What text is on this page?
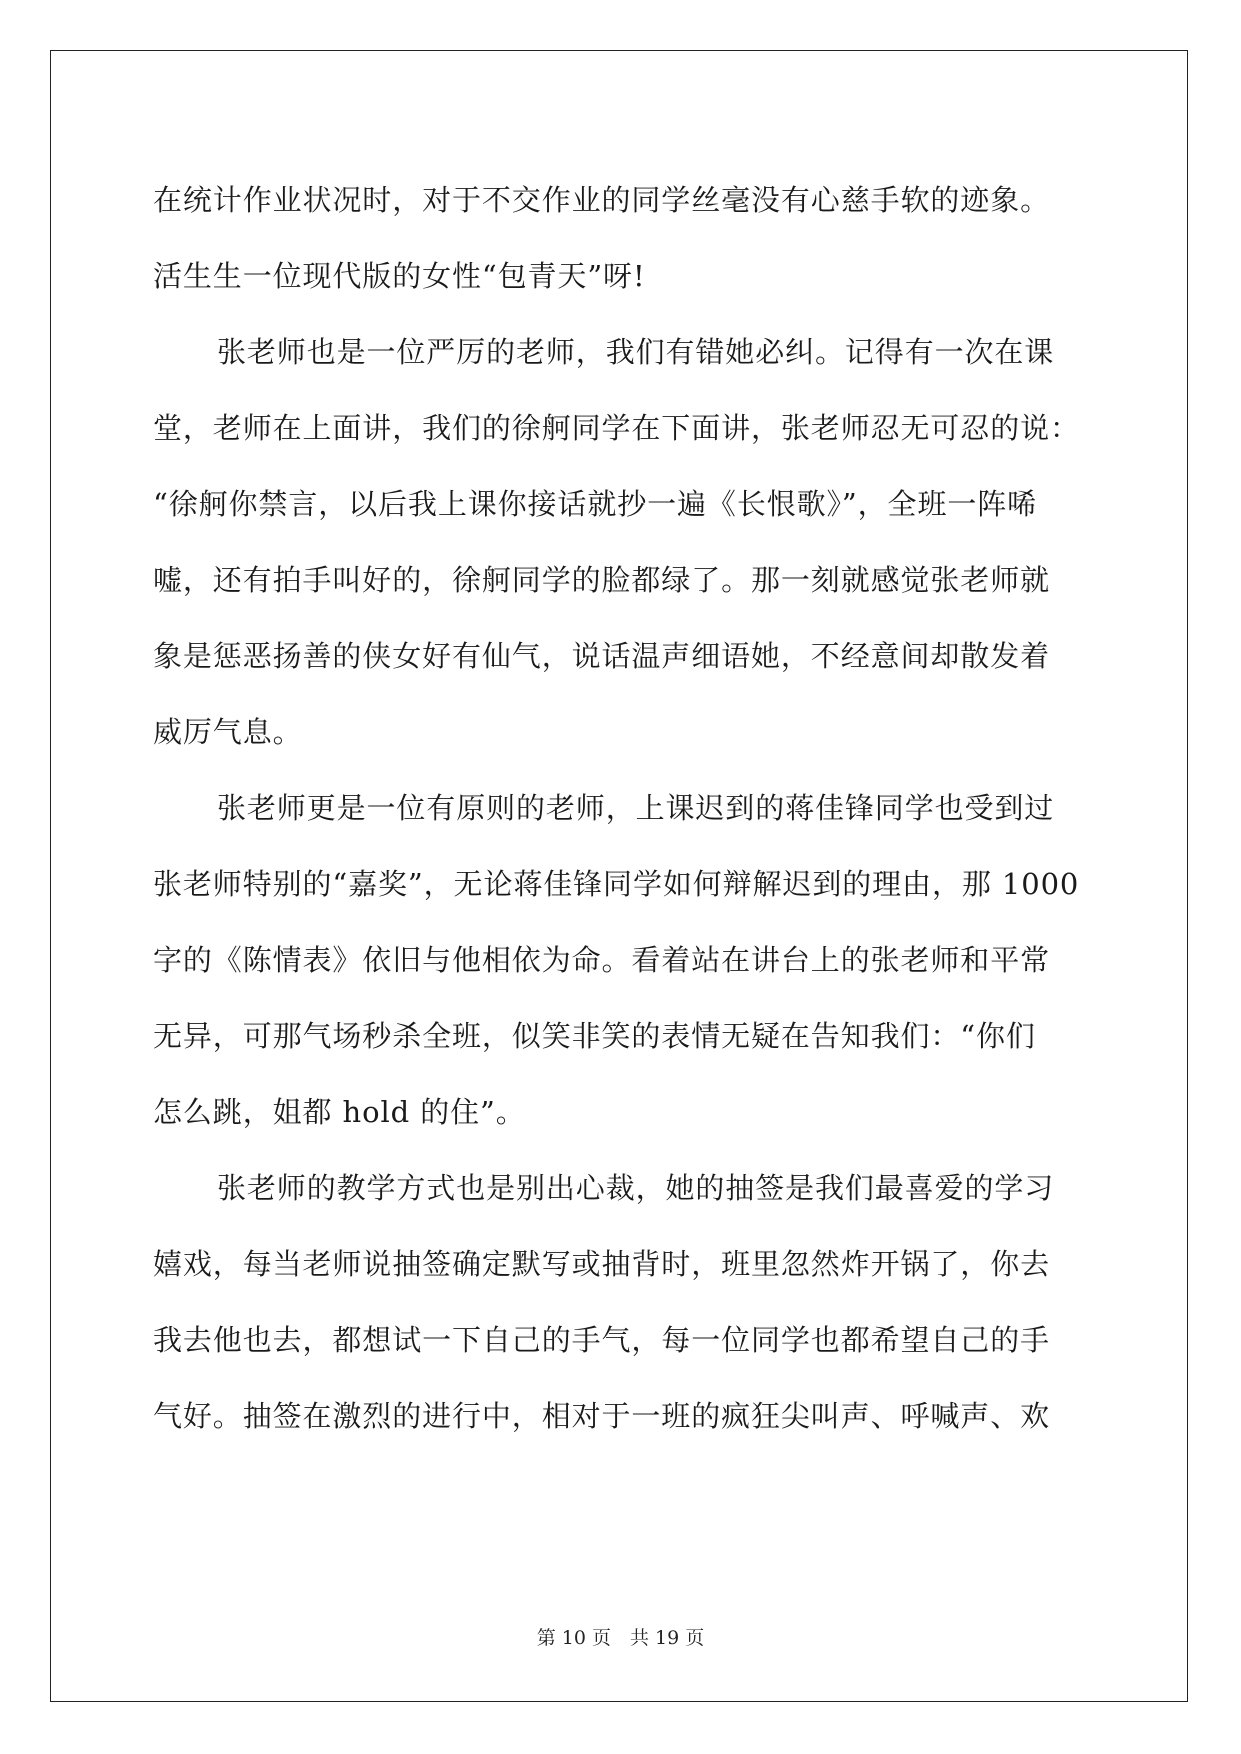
在统计作业状况时，对于不交作业的同学丝毫没有心慈手软的迹象。
活生生一位现代版的女性“包青天”呀!
张老师也是一位严厉的老师，我们有错她必纠。记得有一次在课
堂，老师在上面讲，我们的徐舸同学在下面讲，张老师忍无可忍的说：
“徐舸你禁言，以后我上课你接话就抄一遍《长恨歌》”，全班一阵唏
嘘，还有拍手叫好的，徐舸同学的脸都绿了。那一刻就感觉张老师就
象是惩恶扬善的侠女好有仙气，说话温声细语她，不经意间却散发着
威厉气息。
张老师更是一位有原则的老师，上课迟到的蒋佳锋同学也受到过
张老师特别的“嘉奖”，无论蒋佳锋同学如何辩解迟到的理由，那 1000
字的《陈情表》依旧与他相依为命。看着站在讲台上的张老师和平常
无异，可那气场秒杀全班，似笑非笑的表情无疑在告知我们：“你们
怎么跳，姐都 hold 的住”。
张老师的教学方式也是别出心裁，她的抽签是我们最喜爱的学习
嬉戏，每当老师说抽签确定默写或抽背时，班里忽然炸开锅了，你去
我去他也去，都想试一下自己的手气，每一位同学也都希望自己的手
气好。抽签在激烈的进行中，相对于一班的疯狂尖叫声、呼喊声、欢
第 10 页　共 19 页
